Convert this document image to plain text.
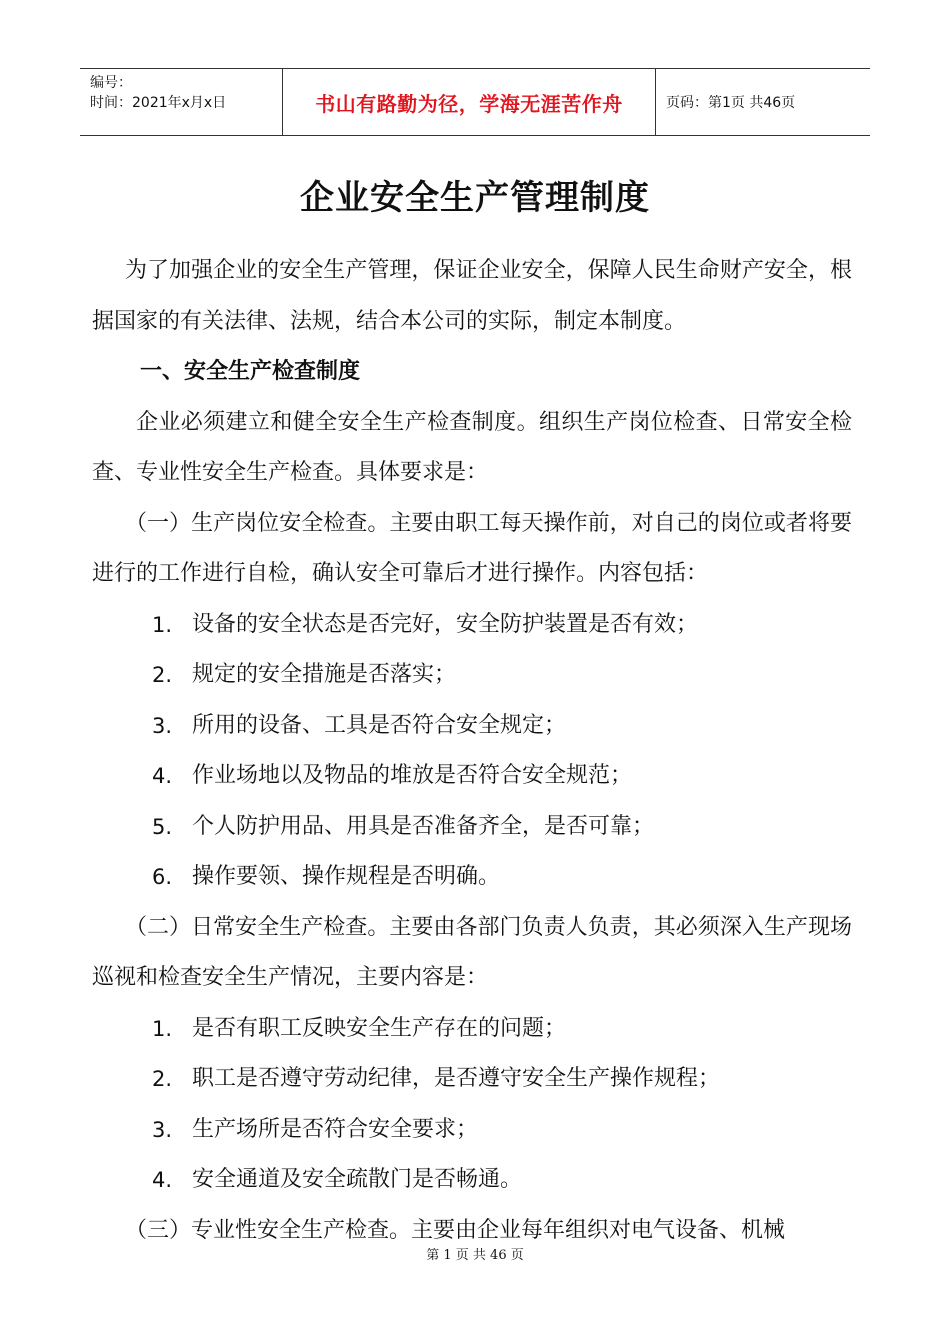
编号：
时间：2021年x月x日	书山有路勤为径，学海无涯苦作舟	页码：第1页 共46页
企业安全生产管理制度

为了加强企业的安全生产管理，保证企业安全，保障人民生命财产安全，根据国家的有关法律、法规，结合本公司的实际，制定本制度。

一、安全生产检查制度

企业必须建立和健全安全生产检查制度。组织生产岗位检查、日常安全检查、专业性安全生产检查。具体要求是：

（一）生产岗位安全检查。主要由职工每天操作前，对自己的岗位或者将要进行的工作进行自检，确认安全可靠后才进行操作。内容包括：

1. 设备的安全状态是否完好，安全防护装置是否有效；
2. 规定的安全措施是否落实；
3. 所用的设备、工具是否符合安全规定；
4. 作业场地以及物品的堆放是否符合安全规范；
5. 个人防护用品、用具是否准备齐全，是否可靠；
6. 操作要领、操作规程是否明确。

（二）日常安全生产检查。主要由各部门负责人负责，其必须深入生产现场巡视和检查安全生产情况，主要内容是：

1. 是否有职工反映安全生产存在的问题；
2. 职工是否遵守劳动纪律，是否遵守安全生产操作规程；
3. 生产场所是否符合安全要求；
4. 安全通道及安全疏散门是否畅通。

（三）专业性安全生产检查。主要由企业每年组织对电气设备、机械

第 1 页 共 46 页
